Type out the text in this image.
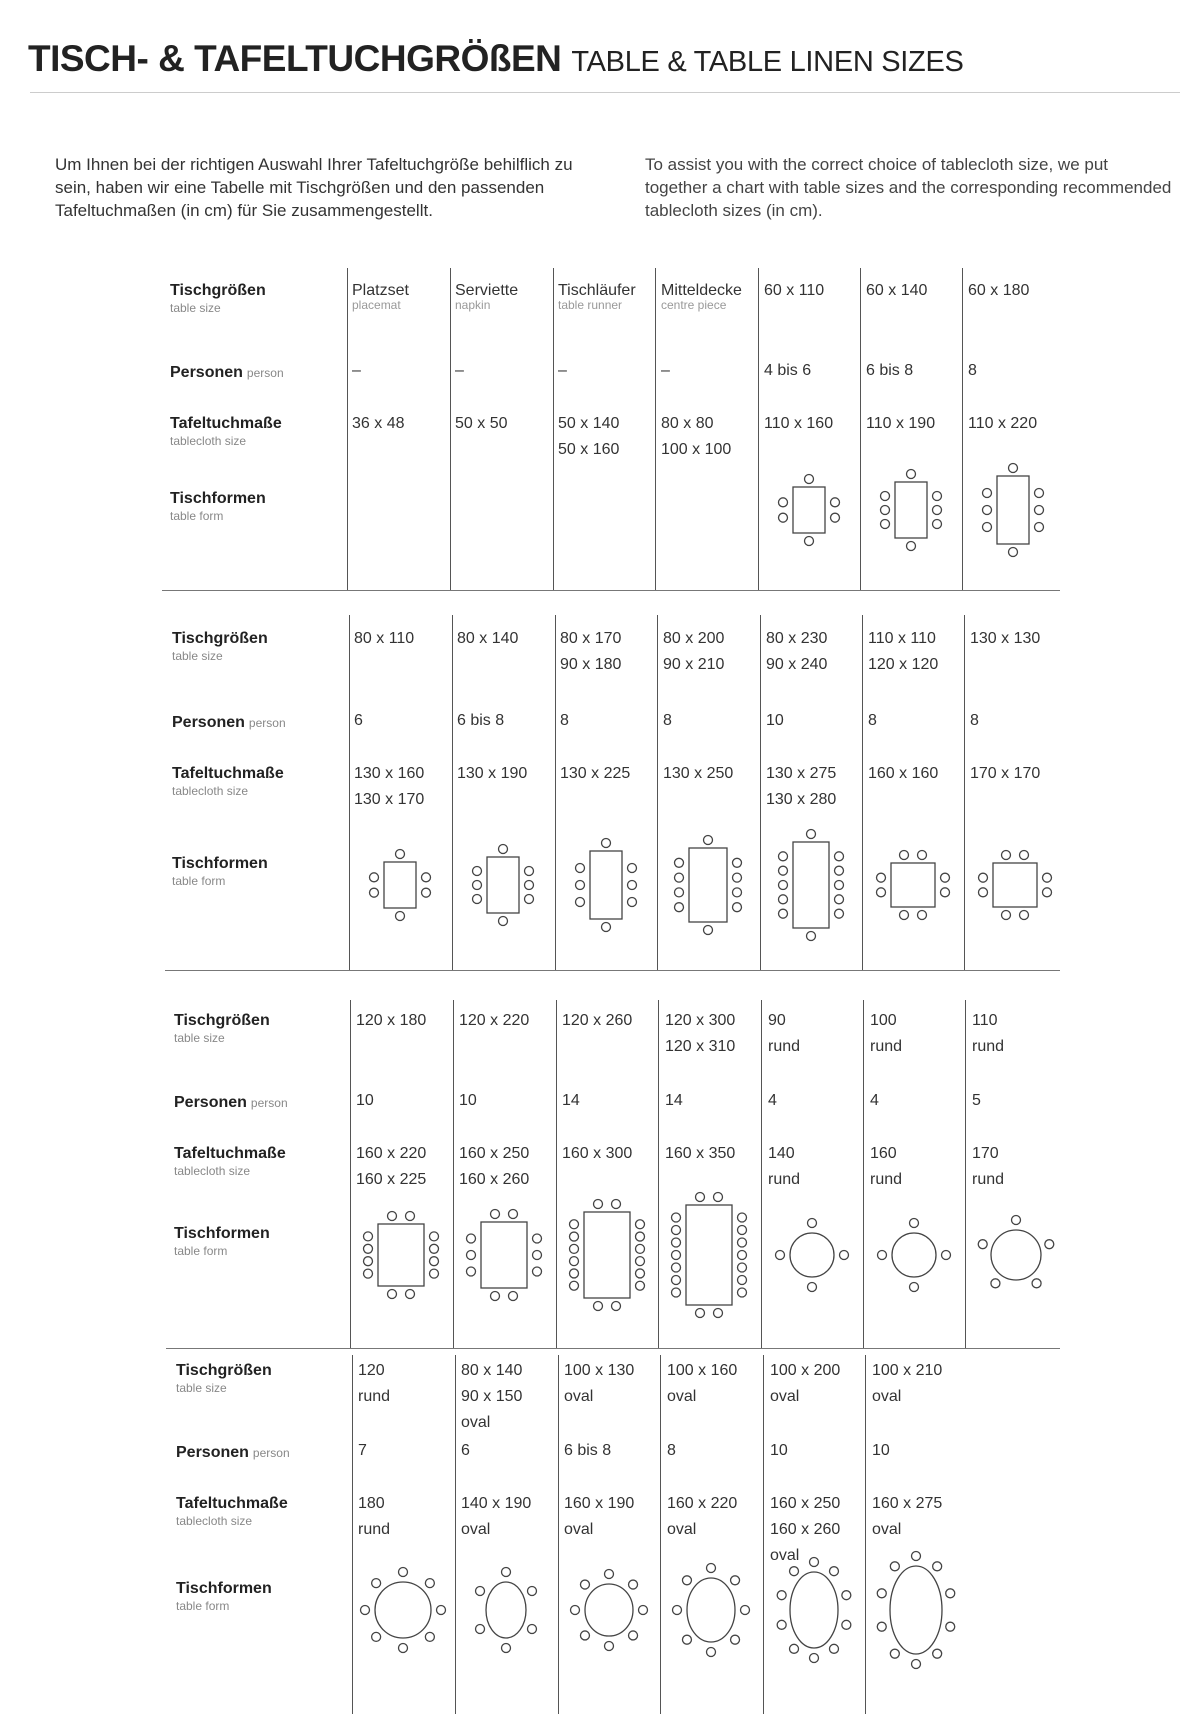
TISCH- & TAFELTUCHGRÖßEN TABLE & TABLE LINEN SIZES
Um Ihnen bei der richtigen Auswahl Ihrer Tafeltuchgröße behilflich zu sein, haben wir eine Tabelle mit Tischgrößen und den passenden Tafeltuchmaßen (in cm) für Sie zusammengestellt.
To assist you with the correct choice of tablecloth size, we put together a chart with table sizes and the corresponding recommended tablecloth sizes (in cm).
Tischgrößen
table size
Personen person
Tafeltuchmaße
tablecloth size
Tischformen
table form
Platzset
placemat
–
36 x 48
Serviette
napkin
–
50 x 50
Tischläufer
table runner
–
50 x 140
50 x 160
Mitteldecke
centre piece
–
80 x 80
100 x 100
60 x 110
4 bis 6
110 x 160
60 x 140
6 bis 8
110 x 190
60 x 180
8
110 x 220
Tischgrößen
table size
Personen person
Tafeltuchmaße
tablecloth size
Tischformen
table form
80 x 110
6
130 x 160
130 x 170
80 x 140
6 bis 8
130 x 190
80 x 170
90 x 180
8
130 x 225
80 x 200
90 x 210
8
130 x 250
80 x 230
90 x 240
10
130 x 275
130 x 280
110 x 110
120 x 120
8
160 x 160
130 x 130
8
170 x 170
Tischgrößen
table size
Personen person
Tafeltuchmaße
tablecloth size
Tischformen
table form
120 x 180
10
160 x 220
160 x 225
120 x 220
10
160 x 250
160 x 260
120 x 260
14
160 x 300
120 x 300
120 x 310
14
160 x 350
90
rund
4
140
rund
100
rund
4
160
rund
110
rund
5
170
rund
Tischgrößen
table size
Personen person
Tafeltuchmaße
tablecloth size
Tischformen
table form
120
rund
7
180
rund
80 x 140
90 x 150
oval
6
140 x 190
oval
100 x 130
oval
6 bis 8
160 x 190
oval
100 x 160
oval
8
160 x 220
oval
100 x 200
oval
10
160 x 250
160 x 260
oval
100 x 210
oval
10
160 x 275
oval
